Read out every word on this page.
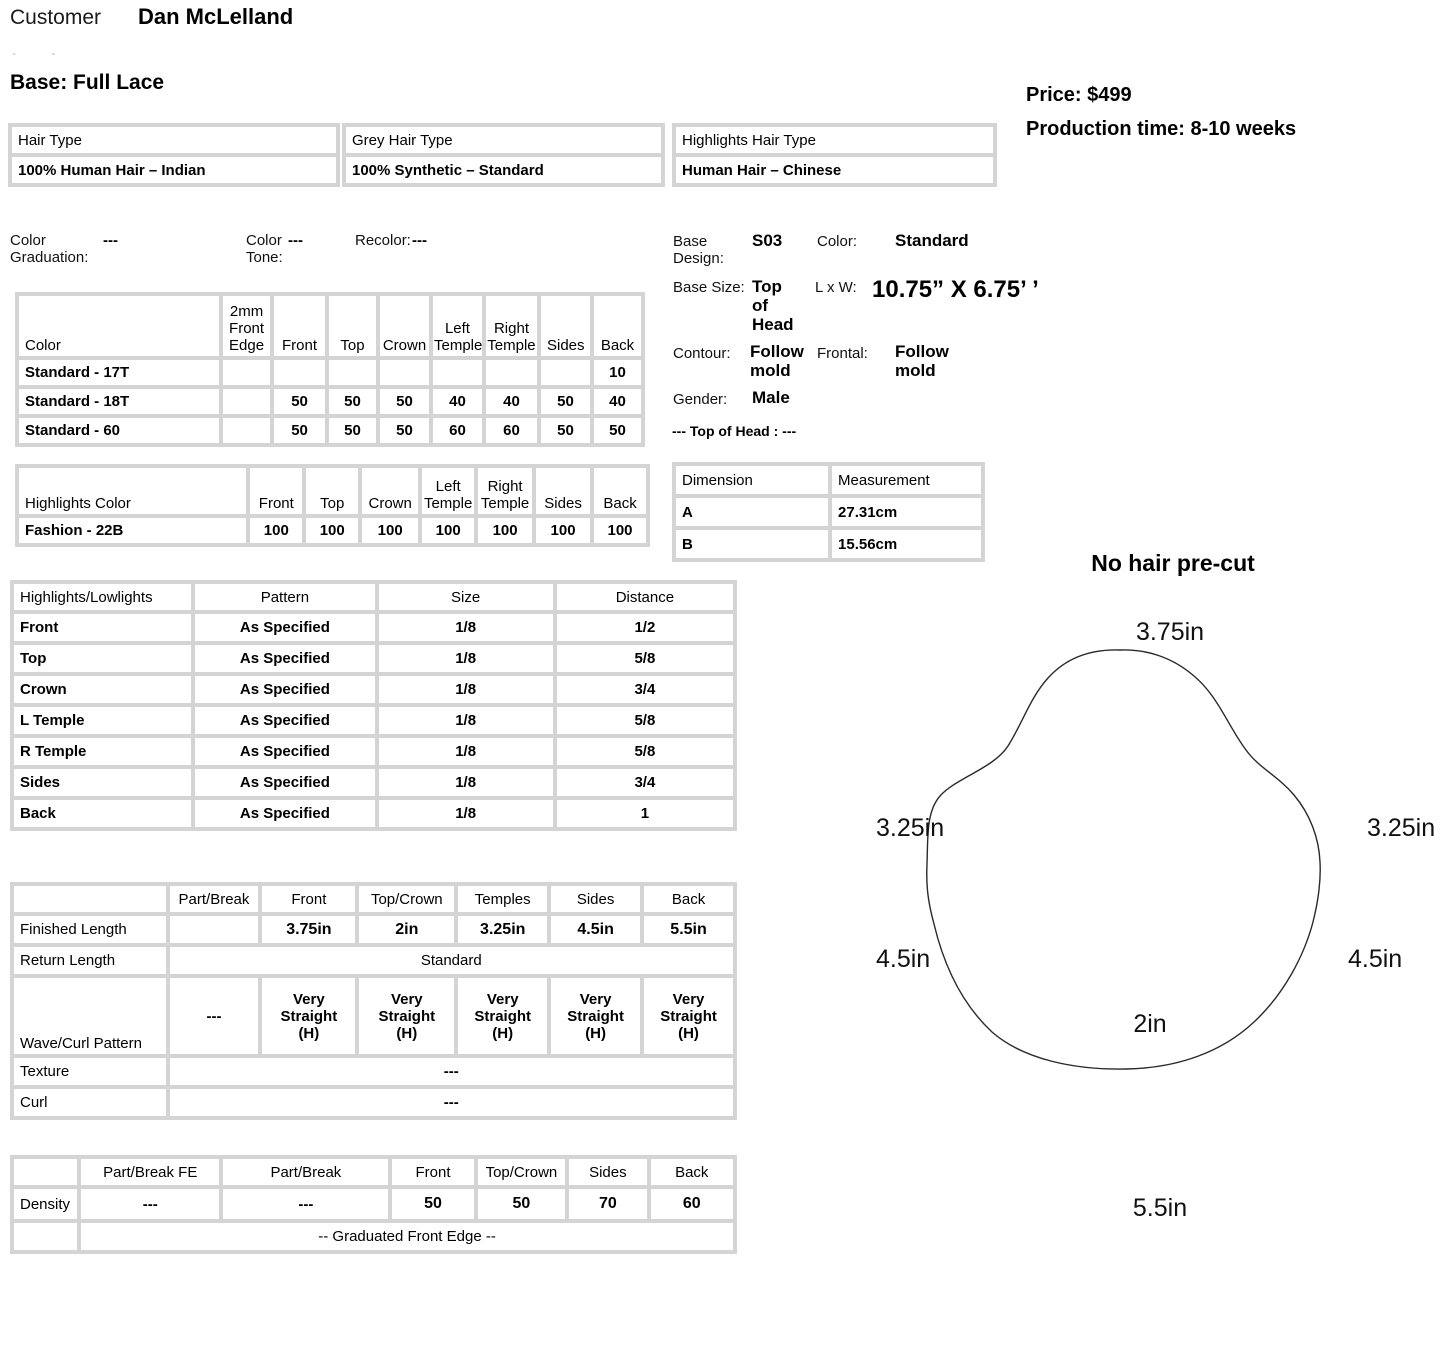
Customer Dan McLelland
- -
Base: Full Lace
Price: $499
Production time: 8-10 weeks
Hair Type
100% Human Hair – Indian
Grey Hair Type
100% Synthetic – Standard
Highlights Hair Type
Human Hair – Chinese
Color Graduation:
---	Color Tone:
---	Recolor: ---	Base Design:
S03 Color: Standard
Base Size: Top of Head
L x W: 10.75” X 6.75’ ’
Contour: Follow mold
Frontal: Follow mold
Gender: Male
--- Top of Head : ---
Color	2mm Front Edge	Front	Top	Crown	Left Temple	Right Temple	Sides	Back
Standard - 17T								10
Standard - 18T		50	50	50	40	40	50	40
Standard - 60		50	50	50	60	60	50	50
Highlights Color	Front	Top	Crown	Left Temple	Right Temple	Sides	Back
Fashion - 22B	100	100	100	100	100	100	100
Dimension	Measurement
A	27.31cm
B	15.56cm
Highlights/Lowlights	Pattern	Size	Distance
Front	As Specified	1/8	1/2
Top	As Specified	1/8	5/8
Crown	As Specified	1/8	3/4
L Temple	As Specified	1/8	5/8
R Temple	As Specified	1/8	5/8
Sides	As Specified	1/8	3/4
Back	As Specified	1/8	1
	Part/Break	Front	Top/Crown	Temples	Sides	Back
Finished Length		3.75in	2in	3.25in	4.5in	5.5in
Return Length	Standard					
Wave/Curl Pattern	---	Very Straight (H)	Very Straight (H)	Very Straight (H)	Very Straight (H)	Very Straight (H)
Texture	---					
Curl	---					
	Part/Break FE	Part/Break	Front	Top/Crown	Sides	Back
Density	---	---	50	50	70	60
	-- Graduated Front Edge --					
No hair pre-cut
3.75in
3.25in	3.25in
4.5in	4.5in
2in
5.5in
